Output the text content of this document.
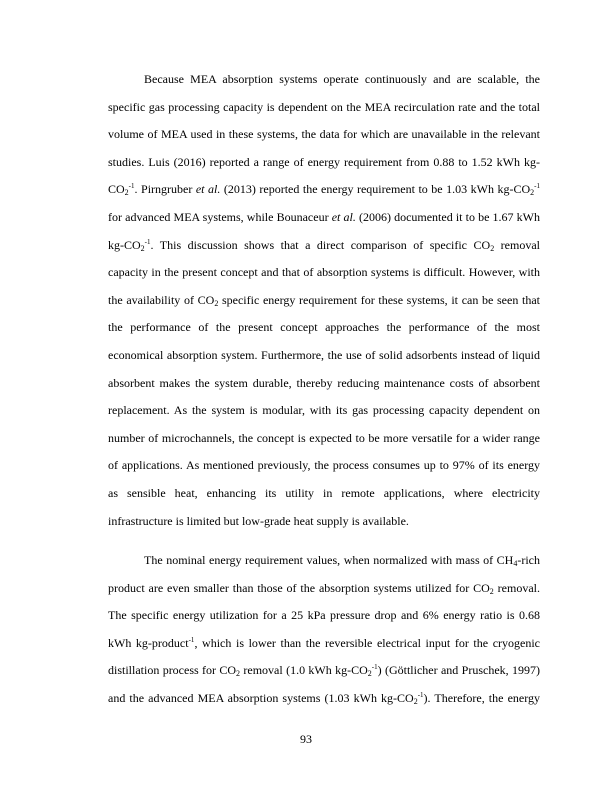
Because MEA absorption systems operate continuously and are scalable, the
specific gas processing capacity is dependent on the MEA recirculation rate and the total
volume of MEA used in these systems, the data for which are unavailable in the relevant
studies. Luis (2016) reported a range of energy requirement from 0.88 to 1.52 kWh kg-
$CO_2^{-1}$. Pirngruber et al. (2013) reported the energy requirement to be 1.03 kWh $kg-CO_2^{-1}$
for advanced MEA systems, while Bounaceur et al. (2006) documented it to be 1.67 kWh
$kg-CO_2^{-1}$. This discussion shows that a direct comparison of specific $CO_2$ removal
capacity in the present concept and that of absorption systems is difficult. However, with
the availability of $CO_2$ specific energy requirement for these systems, it can be seen that
the performance of the present concept approaches the performance of the most
economical absorption system. Furthermore, the use of solid adsorbents instead of liquid
absorbent makes the system durable, thereby reducing maintenance costs of absorbent
replacement. As the system is modular, with its gas processing capacity dependent on
number of microchannels, the concept is expected to be more versatile for a wider range
of applications. As mentioned previously, the process consumes up to 97% of its energy
as sensible heat, enhancing its utility in remote applications, where electricity
infrastructure is limited but low-grade heat supply is available.

The nominal energy requirement values, when normalized with mass of $CH_4$-rich
product are even smaller than those of the absorption systems utilized for $CO_2$ removal.
The specific energy utilization for a 25 kPa pressure drop and 6% energy ratio is 0.68
kWh kg-product$^{-1}$, which is lower than the reversible electrical input for the cryogenic
distillation process for $CO_2$ removal (1.0 kWh $kg-CO_2^{-1}$) (Göttlicher and Pruschek, 1997)
and the advanced MEA absorption systems (1.03 kWh $kg-CO_2^{-1}$). Therefore, the energy

93
